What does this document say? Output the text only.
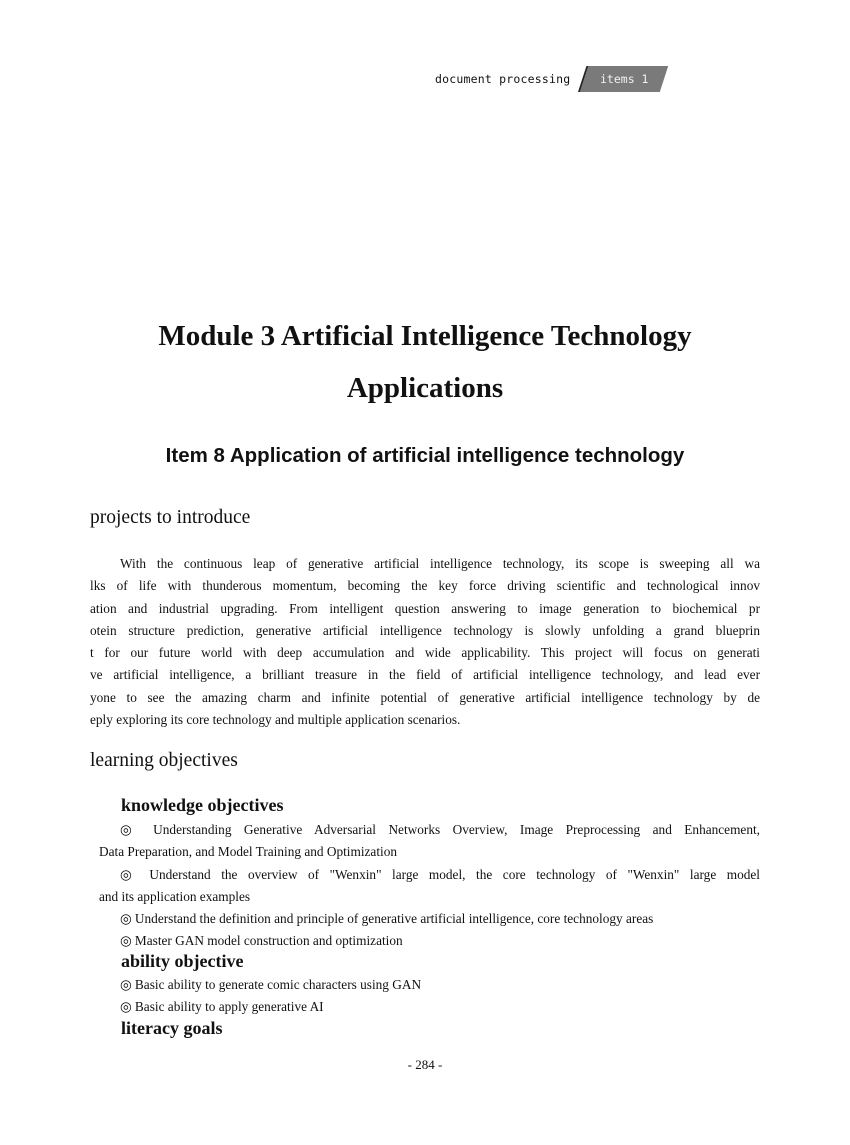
document processing	items 1
Module 3 Artificial Intelligence Technology
Applications
Item 8 Application of artificial intelligence technology
projects to introduce
With the continuous leap of generative artificial intelligence technology, its scope is sweeping all wa
lks of life with thunderous momentum, becoming the key force driving scientific and technological innov
ation and industrial upgrading. From intelligent question answering to image generation to biochemical pr
otein structure prediction, generative artificial intelligence technology is slowly unfolding a grand blueprin
t for our future world with deep accumulation and wide applicability. This project will focus on generati
ve artificial intelligence, a brilliant treasure in the field of artificial intelligence technology, and lead ever
yone to see the amazing charm and infinite potential of generative artificial intelligence technology by de
eply exploring its core technology and multiple application scenarios.
learning objectives
knowledge objectives
◎ Understanding Generative Adversarial Networks Overview, Image Preprocessing and Enhancement,
Data Preparation, and Model Training and Optimization
◎ Understand the overview of "Wenxin" large model, the core technology of "Wenxin" large model
and its application examples
◎ Understand the definition and principle of generative artificial intelligence, core technology areas
◎ Master GAN model construction and optimization
ability objective
◎ Basic ability to generate comic characters using GAN
◎ Basic ability to apply generative AI
literacy goals
- 284 -
